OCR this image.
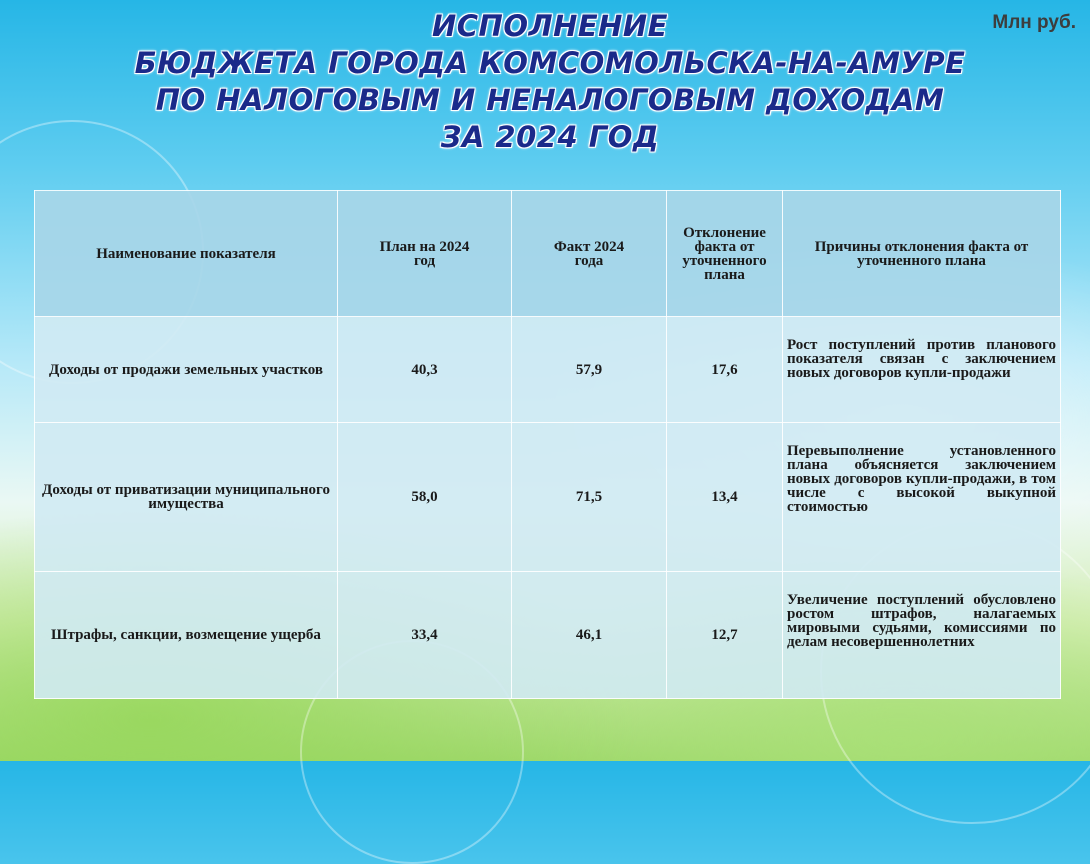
ИСПОЛНЕНИЕ
БЮДЖЕТА ГОРОДА КОМСОМОЛЬСКА-НА-АМУРЕ
ПО НАЛОГОВЫМ И НЕНАЛОГОВЫМ ДОХОДАМ
ЗА 2024 ГОД
Млн руб.
Наименование показателя	План на 2024 год	Факт 2024 года	Отклонение факта от уточненного плана	Причины отклонения факта от уточненного плана
Доходы от продажи земельных участков	40,3	57,9	17,6	Рост поступлений против планового показателя связан с заключением новых договоров купли-продажи
Доходы от приватизации муниципального имущества	58,0	71,5	13,4	Перевыполнение установленного плана объясняется заключением новых договоров купли-продажи, в том числе с высокой выкупной стоимостью
Штрафы, санкции, возмещение ущерба	33,4	46,1	12,7	Увеличение поступлений обусловлено ростом штрафов, налагаемых мировыми судьями, комиссиями по делам несовершеннолетних
